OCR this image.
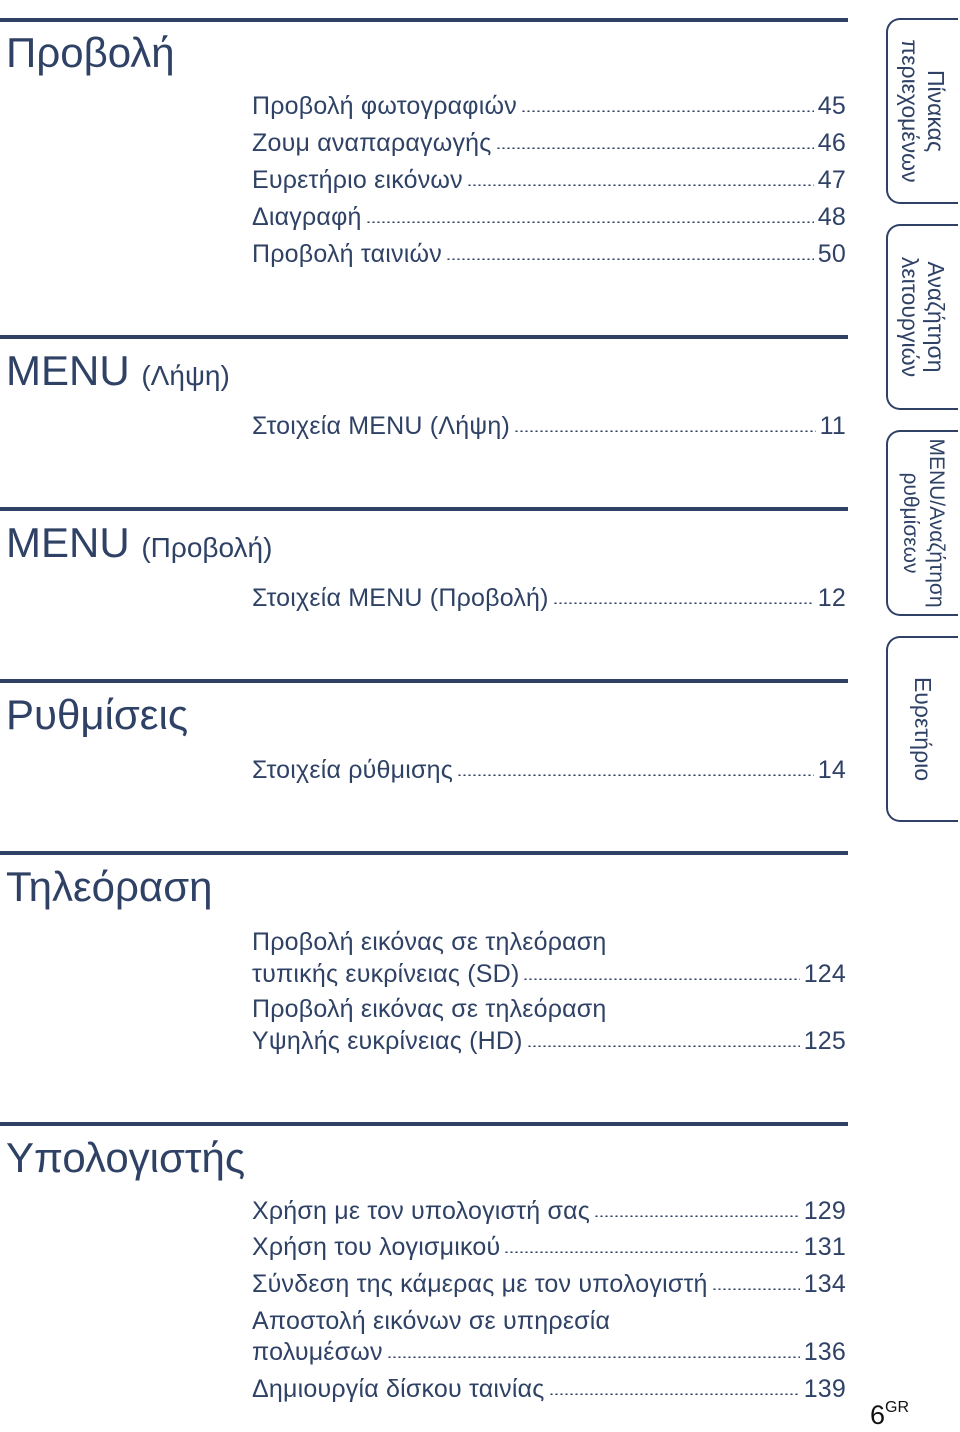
Προβολή
Προβολή φωτογραφιών	45
Ζουμ αναπαραγωγής	46
Ευρετήριο εικόνων	47
Διαγραφή	48
Προβολή ταινιών	50
MENU (Λήψη)
Στοιχεία MENU (Λήψη)	11
MENU (Προβολή)
Στοιχεία MENU (Προβολή)	12
Ρυθμίσεις
Στοιχεία ρύθμισης	14
Τηλεόραση
Προβολή εικόνας σε τηλεόραση
τυπικής ευκρίνειας (SD)	124
Προβολή εικόνας σε τηλεόραση
Υψηλής ευκρίνειας (HD)	125
Υπολογιστής
Χρήση με τον υπολογιστή σας	129
Χρήση του λογισμικού	131
Σύνδεση της κάμερας με τον υπολογιστή	134
Αποστολή εικόνων σε υπηρεσία
πολυμέσων	136
Δημιουργία δίσκου ταινίας	139
Πίνακας
περιεχομένων
Αναζήτηση
λειτουργιών
MENU/Αναζήτηση
ρυθμίσεων
Ευρετήριο
$6^{GR}$
